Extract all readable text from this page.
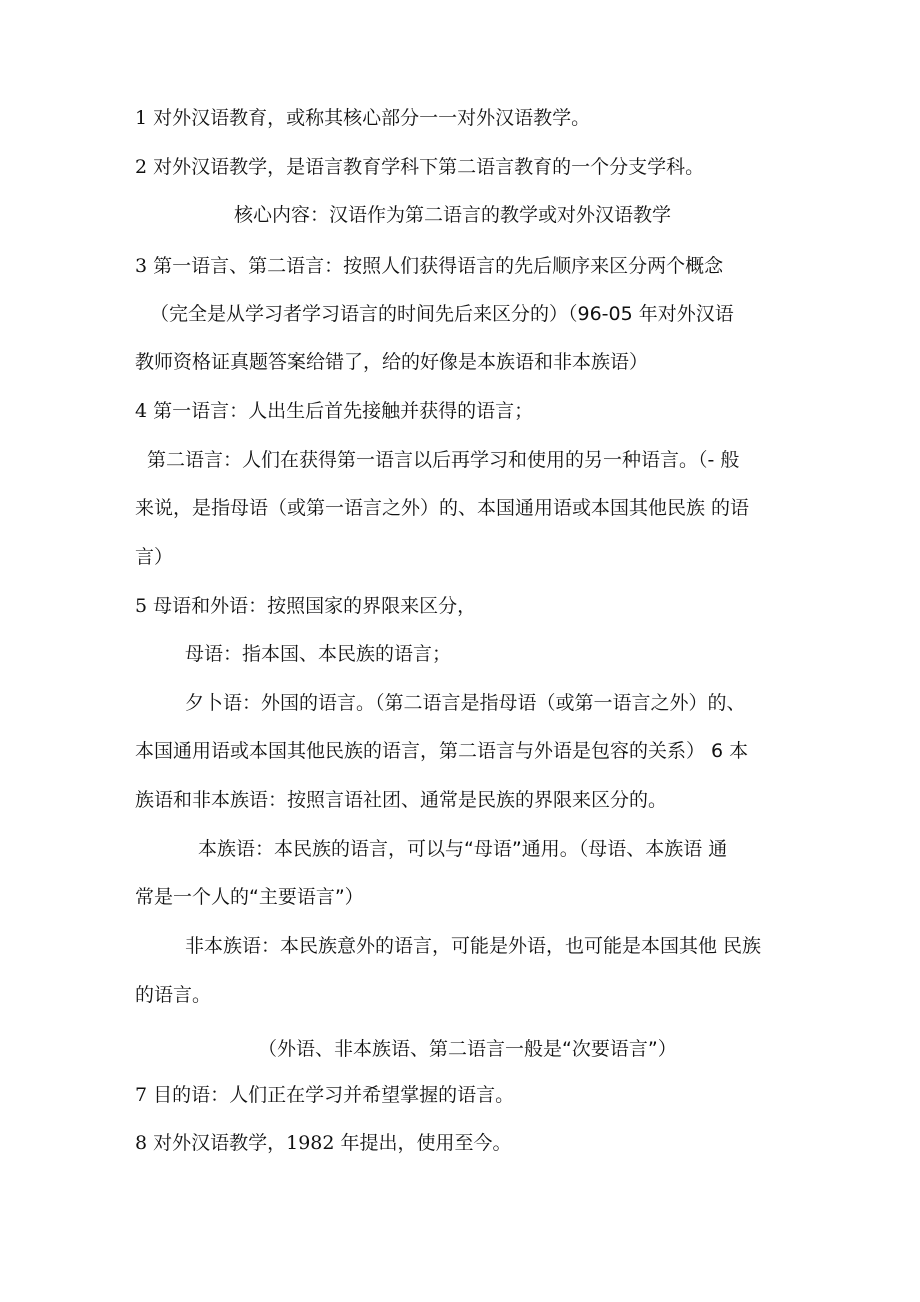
1 对外汉语教育，或称其核心部分一一对外汉语教学。
2 对外汉语教学，是语言教育学科下第二语言教育的一个分支学科。
核心内容：汉语作为第二语言的教学或对外汉语教学
3 第一语言、第二语言：按照人们获得语言的先后顺序来区分两个概念
（完全是从学习者学习语言的时间先后来区分的）（96-05 年对外汉语
教师资格证真题答案给错了，给的好像是本族语和非本族语）
4 第一语言：人出生后首先接触并获得的语言；
第二语言：人们在获得第一语言以后再学习和使用的另一种语言。（- 般
来说，是指母语（或第一语言之外）的、本国通用语或本国其他民族 的语
言）
5 母语和外语：按照国家的界限来区分，
母语：指本国、本民族的语言；
夕卜语：外国的语言。（第二语言是指母语（或第一语言之外）的、
本国通用语或本国其他民族的语言，第二语言与外语是包容的关系） 6 本
族语和非本族语：按照言语社团、通常是民族的界限来区分的。
本族语：本民族的语言，可以与“母语”通用。（母语、本族语 通
常是一个人的“主要语言”）
非本族语：本民族意外的语言，可能是外语，也可能是本国其他 民族
的语言。
（外语、非本族语、第二语言一般是“次要语言”）
7 目的语：人们正在学习并希望掌握的语言。
8 对外汉语教学，1982 年提出，使用至今。
